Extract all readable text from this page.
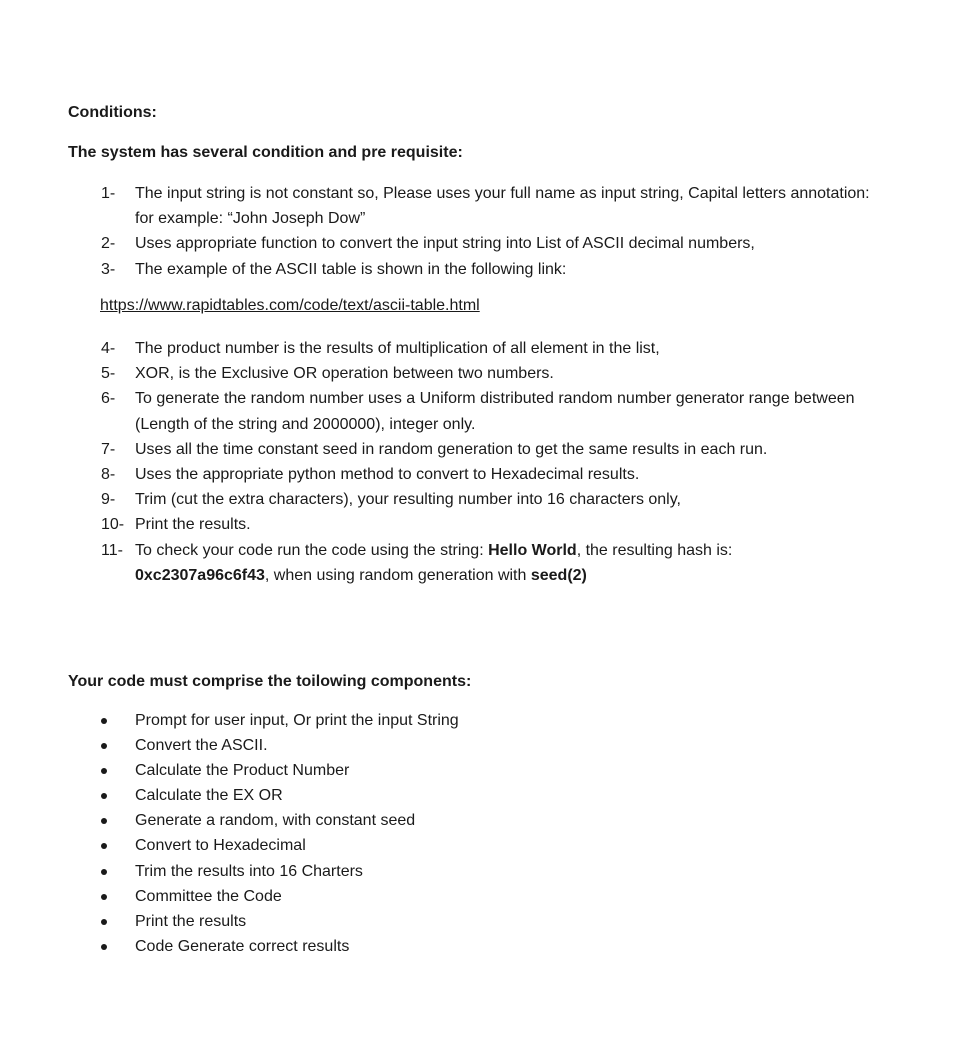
Conditions:
The system has several condition and pre requisite:
1- The input string is not constant so, Please uses your full name as input string, Capital letters annotation: for example: “John Joseph Dow”
2- Uses appropriate function to convert the input string into List of ASCII decimal numbers,
3- The example of the ASCII table is shown in the following link:
https://www.rapidtables.com/code/text/ascii-table.html
4- The product number is the results of multiplication of all element in the list,
5- XOR, is the Exclusive OR operation between two numbers.
6- To generate the random number uses a Uniform distributed random number generator range between (Length of the string and 2000000), integer only.
7- Uses all the time constant seed in random generation to get the same results in each run.
8- Uses the appropriate python method to convert to Hexadecimal results.
9- Trim (cut the extra characters), your resulting number into 16 characters only,
10- Print the results.
11- To check your code run the code using the string: Hello World, the resulting hash is:
0xc2307a96c6f43, when using random generation with seed(2)
Your code must comprise the toilowing components:
Prompt for user input, Or print the input String
Convert the ASCII.
Calculate the Product Number
Calculate the EX OR
Generate a random, with constant seed
Convert to Hexadecimal
Trim the results into 16 Charters
Committee the Code
Print the results
Code Generate correct results
